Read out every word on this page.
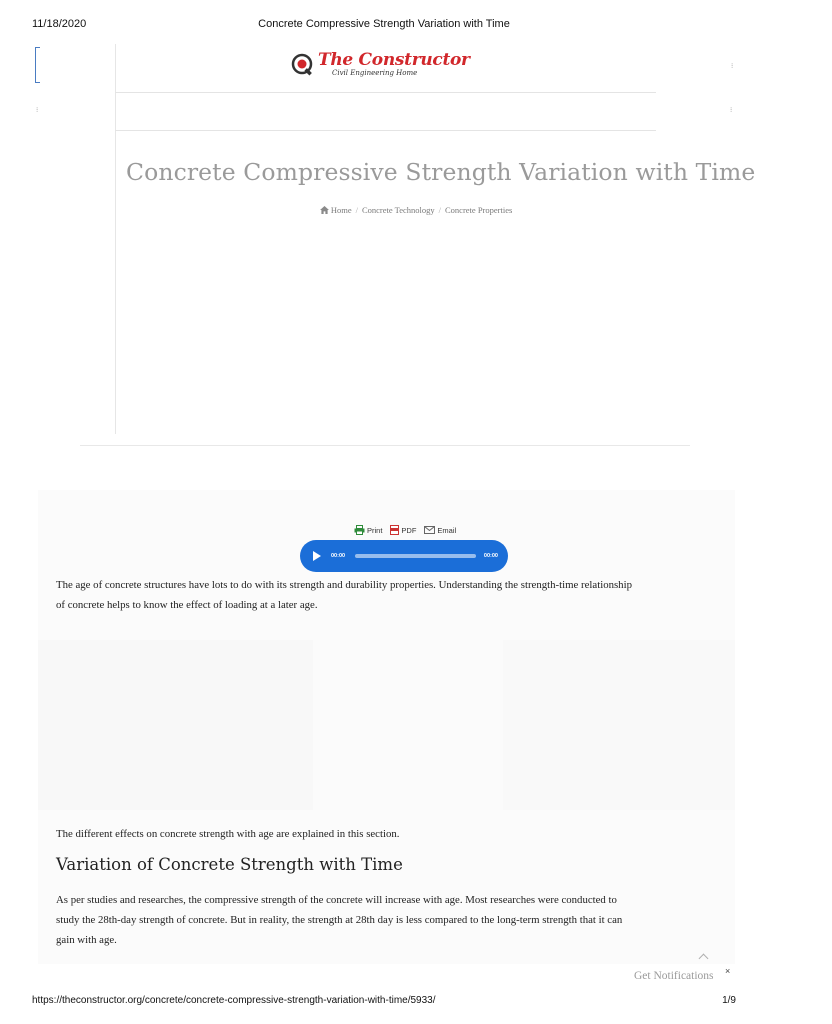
11/18/2020	Concrete Compressive Strength Variation with Time
⁝
⁝
⁝
The Constructor
Civil Engineering Home
Concrete Compressive Strength Variation with Time
Home / Concrete Technology / Concrete Properties
Print	PDF	Email
00:00	00:00
The age of concrete structures have lots to do with its strength and durability properties. Understanding the strength-time relationship
of concrete helps to know the effect of loading at a later age.
The different effects on concrete strength with age are explained in this section.
Variation of Concrete Strength with Time
As per studies and researches, the compressive strength of the concrete will increase with age. Most researches were conducted to
study the 28th-day strength of concrete. But in reality, the strength at 28th day is less compared to the long-term strength that it can
gain with age.
Get Notifications ×
https://theconstructor.org/concrete/concrete-compressive-strength-variation-with-time/5933/	1/9
